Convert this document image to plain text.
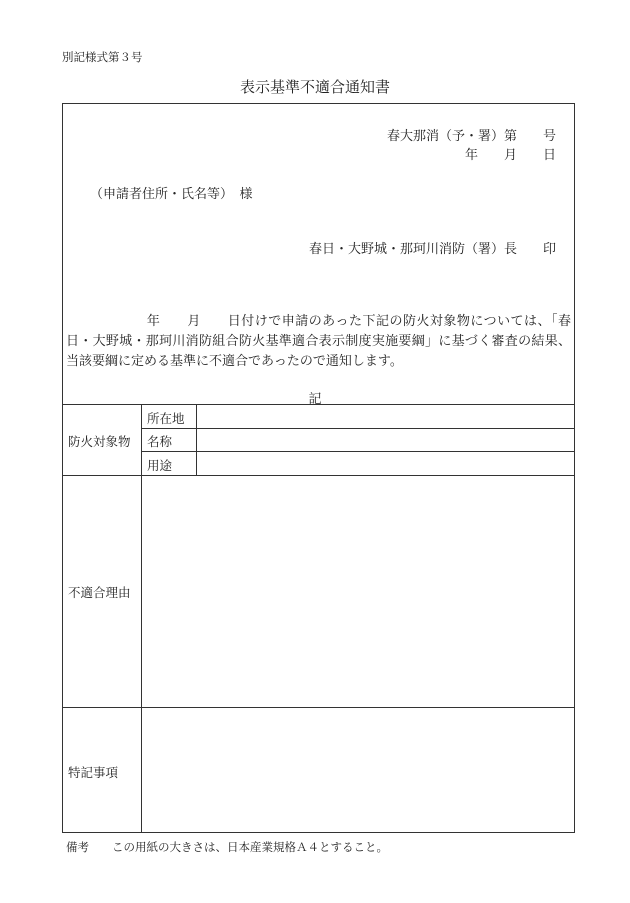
別記様式第３号
表示基準不適合通知書
春大那消（予・署）第　　号
年　　月　　日
（申請者住所・氏名等）　様
春日・大野城・那珂川消防（署）長　　印
　　　　　　年　　月　　日付けで申請のあった下記の防火対象物については、「春日・大野城・那珂川消防組合防火基準適合表示制度実施要綱」に基づく審査の結果、当該要綱に定める基準に不適合であったので通知します。
記
防火対象物
所在地
名称
用途
不適合理由
特記事項
備考　　この用紙の大きさは、日本産業規格Ａ４とすること。
